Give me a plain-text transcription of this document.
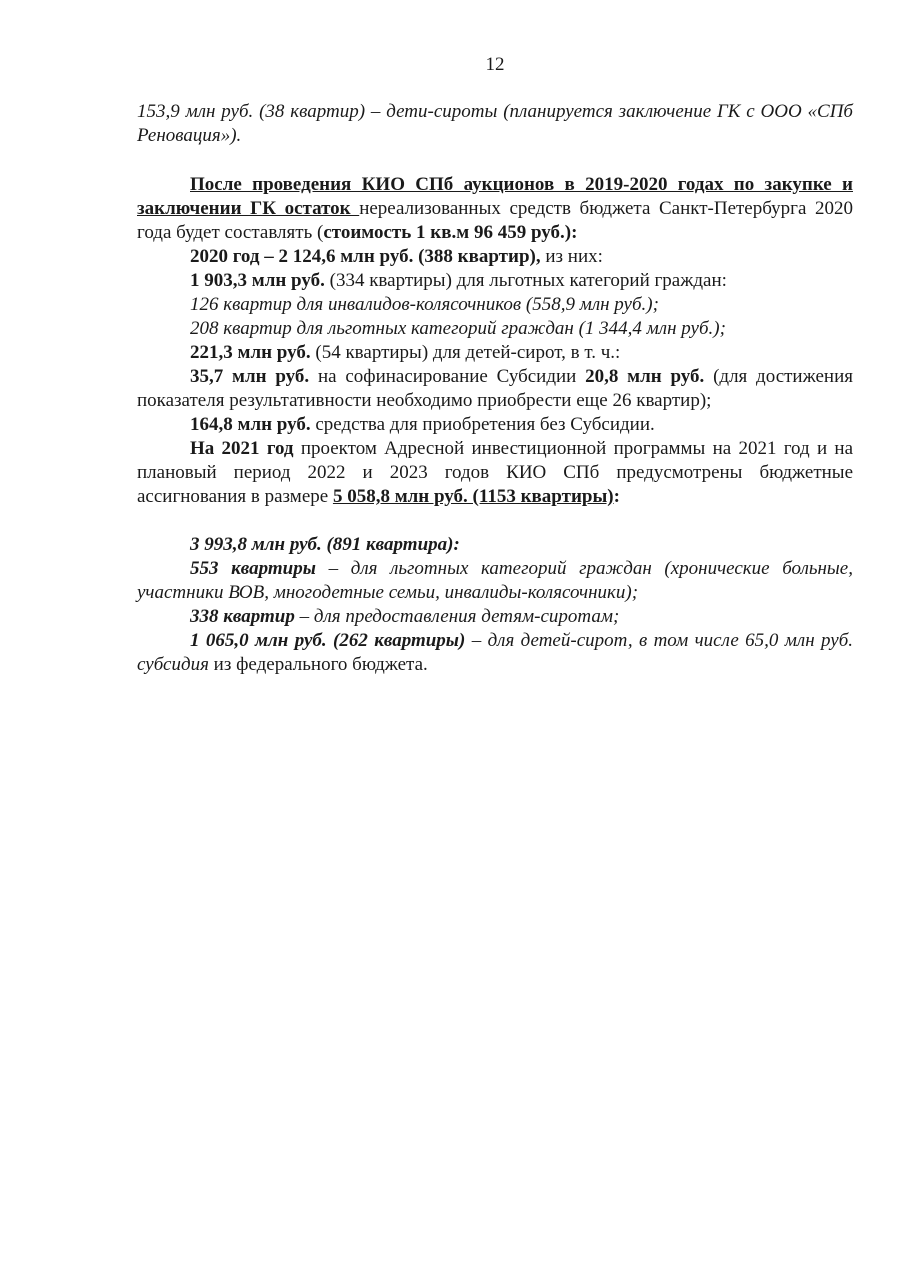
12

153,9 млн руб. (38 квартир) – дети-сироты (планируется заключение ГК с ООО «СПб Реновация»).

После проведения КИО СПб аукционов в 2019-2020 годах по закупке и заключении ГК остаток нереализованных средств бюджета Санкт-Петербурга 2020 года будет составлять (стоимость 1 кв.м 96 459 руб.):

2020 год – 2 124,6 млн руб. (388 квартир), из них:

1 903,3 млн руб. (334 квартиры) для льготных категорий граждан:

126 квартир для инвалидов-колясочников (558,9 млн руб.);

208 квартир для льготных категорий граждан (1 344,4 млн руб.);

221,3 млн руб. (54 квартиры) для детей-сирот, в т. ч.:

35,7 млн руб. на софинасирование Субсидии 20,8 млн руб. (для достижения показателя результативности необходимо приобрести еще 26 квартир);

164,8 млн руб. средства для приобретения без Субсидии.

На 2021 год проектом Адресной инвестиционной программы на 2021 год и на плановый период 2022 и 2023 годов КИО СПб предусмотрены бюджетные ассигнования в размере 5 058,8 млн руб. (1153 квартиры):

3 993,8 млн руб. (891 квартира):

553 квартиры – для льготных категорий граждан (хронические больные, участники ВОВ, многодетные семьи, инвалиды-колясочники);

338 квартир – для предоставления детям-сиротам;

1 065,0 млн руб. (262 квартиры) – для детей-сирот, в том числе 65,0 млн руб. субсидия из федерального бюджета.
